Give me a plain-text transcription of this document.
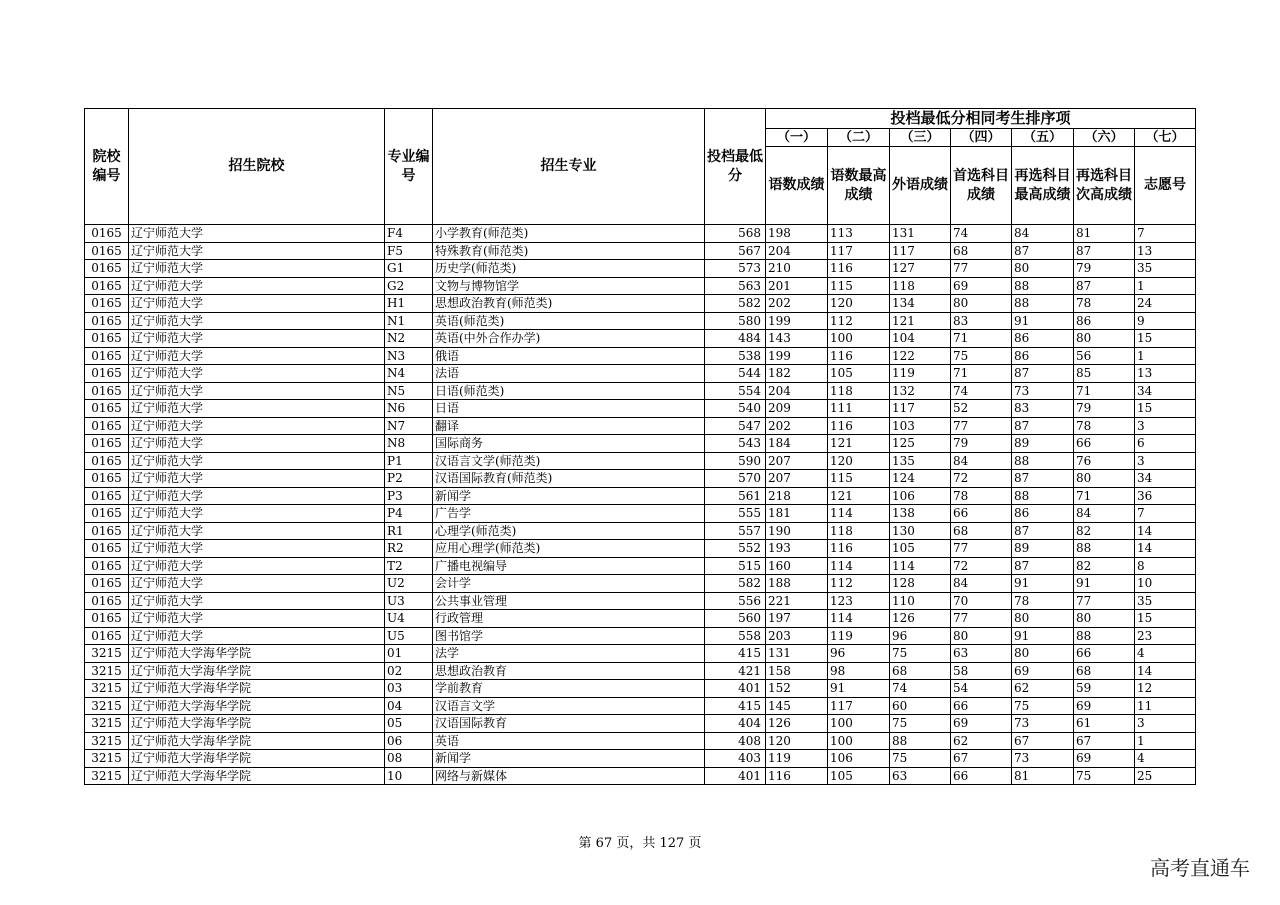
院校编号	招生院校	专业编号	招生专业	投档最低分	投档最低分相同考生排序项						
					（一）	（二）	（三）	（四）	（五）	（六）	（七）
					语数成绩	语数最高成绩	外语成绩	首选科目成绩	再选科目最高成绩	再选科目次高成绩	志愿号
0165	辽宁师范大学	F4	小学教育(师范类)	568	198	113	131	74	84	81	7
0165	辽宁师范大学	F5	特殊教育(师范类)	567	204	117	117	68	87	87	13
0165	辽宁师范大学	G1	历史学(师范类)	573	210	116	127	77	80	79	35
0165	辽宁师范大学	G2	文物与博物馆学	563	201	115	118	69	88	87	1
0165	辽宁师范大学	H1	思想政治教育(师范类)	582	202	120	134	80	88	78	24
0165	辽宁师范大学	N1	英语(师范类)	580	199	112	121	83	91	86	9
0165	辽宁师范大学	N2	英语(中外合作办学)	484	143	100	104	71	86	80	15
0165	辽宁师范大学	N3	俄语	538	199	116	122	75	86	56	1
0165	辽宁师范大学	N4	法语	544	182	105	119	71	87	85	13
0165	辽宁师范大学	N5	日语(师范类)	554	204	118	132	74	73	71	34
0165	辽宁师范大学	N6	日语	540	209	111	117	52	83	79	15
0165	辽宁师范大学	N7	翻译	547	202	116	103	77	87	78	3
0165	辽宁师范大学	N8	国际商务	543	184	121	125	79	89	66	6
0165	辽宁师范大学	P1	汉语言文学(师范类)	590	207	120	135	84	88	76	3
0165	辽宁师范大学	P2	汉语国际教育(师范类)	570	207	115	124	72	87	80	34
0165	辽宁师范大学	P3	新闻学	561	218	121	106	78	88	71	36
0165	辽宁师范大学	P4	广告学	555	181	114	138	66	86	84	7
0165	辽宁师范大学	R1	心理学(师范类)	557	190	118	130	68	87	82	14
0165	辽宁师范大学	R2	应用心理学(师范类)	552	193	116	105	77	89	88	14
0165	辽宁师范大学	T2	广播电视编导	515	160	114	114	72	87	82	8
0165	辽宁师范大学	U2	会计学	582	188	112	128	84	91	91	10
0165	辽宁师范大学	U3	公共事业管理	556	221	123	110	70	78	77	35
0165	辽宁师范大学	U4	行政管理	560	197	114	126	77	80	80	15
0165	辽宁师范大学	U5	图书馆学	558	203	119	96	80	91	88	23
3215	辽宁师范大学海华学院	01	法学	415	131	96	75	63	80	66	4
3215	辽宁师范大学海华学院	02	思想政治教育	421	158	98	68	58	69	68	14
3215	辽宁师范大学海华学院	03	学前教育	401	152	91	74	54	62	59	12
3215	辽宁师范大学海华学院	04	汉语言文学	415	145	117	60	66	75	69	11
3215	辽宁师范大学海华学院	05	汉语国际教育	404	126	100	75	69	73	61	3
3215	辽宁师范大学海华学院	06	英语	408	120	100	88	62	67	67	1
3215	辽宁师范大学海华学院	08	新闻学	403	119	106	75	67	73	69	4
3215	辽宁师范大学海华学院	10	网络与新媒体	401	116	105	63	66	81	75	25
第 67 页，共 127 页
高考直通车
